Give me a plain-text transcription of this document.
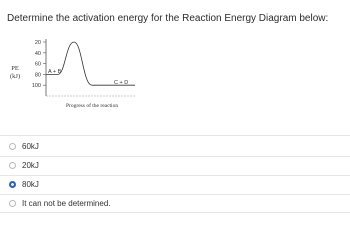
Determine the activation energy for the Reaction Energy Diagram below:
PE
(kJ)
100
80
60
40
20
A + B
C + D
Progress of the reaction
60kJ
20kJ
80kJ
It can not be determined.
